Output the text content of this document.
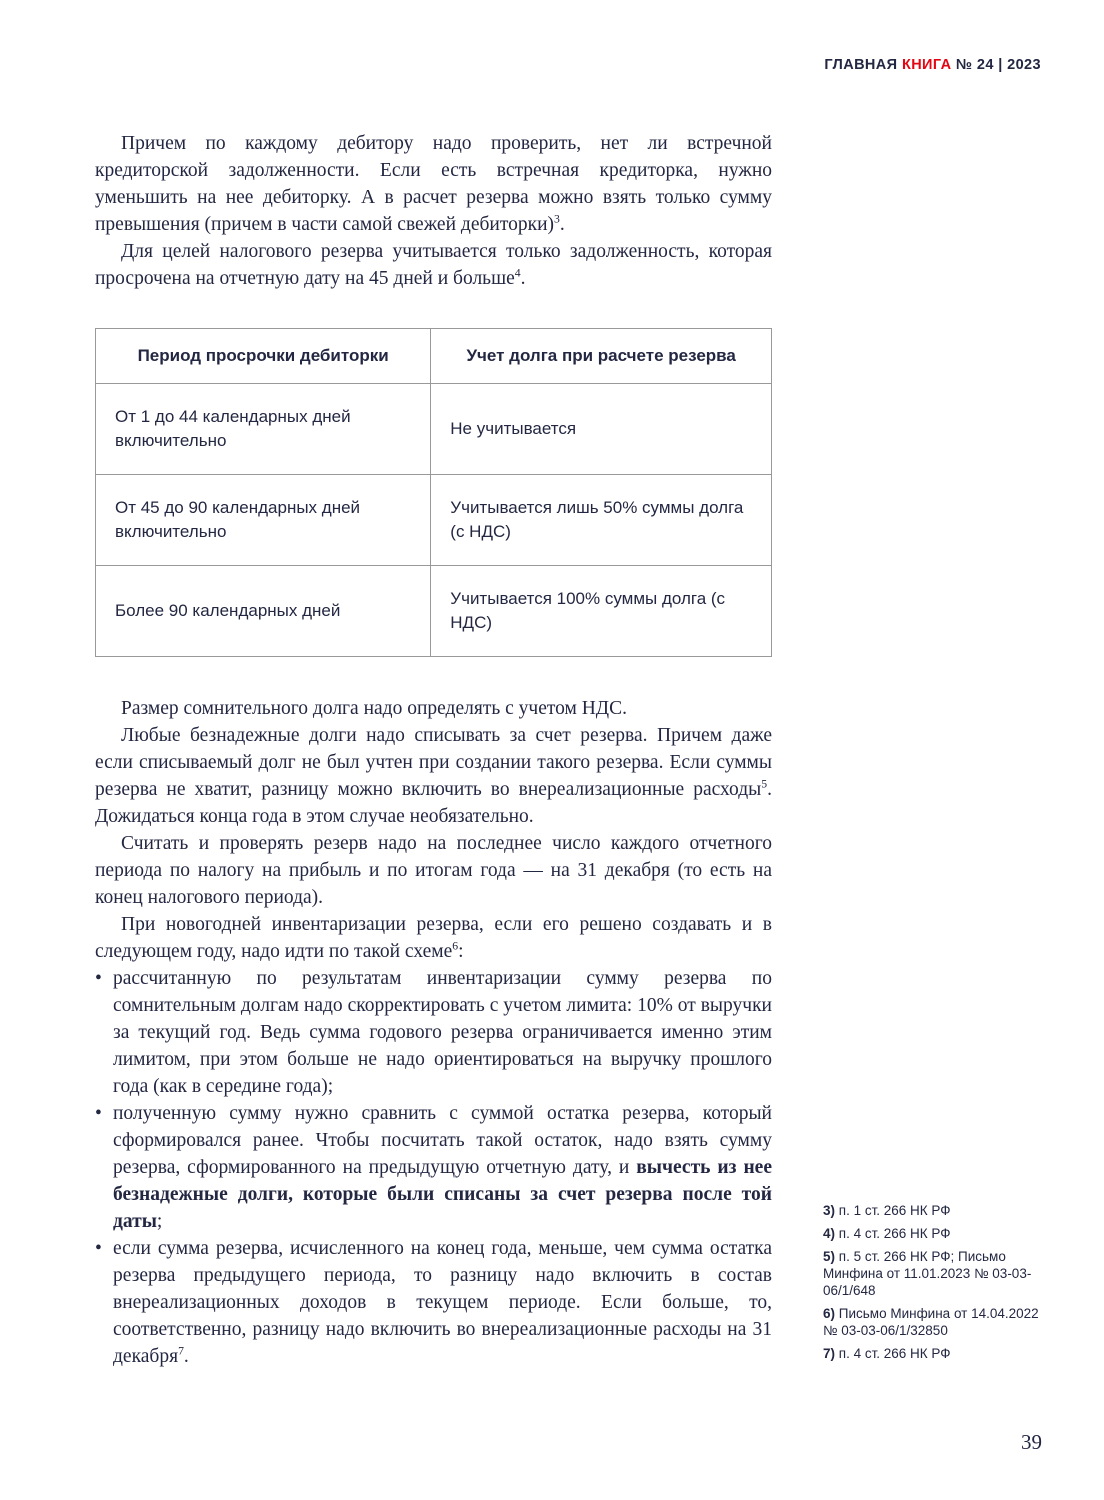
ГЛАВНАЯ КНИГА № 24 | 2023
Причем по каждому дебитору надо проверить, нет ли встречной кредиторской задолженности. Если есть встречная кредиторка, нужно уменьшить на нее дебиторку. А в расчет резерва можно взять только сумму превышения (причем в части самой свежей дебиторки)$^3$.
Для целей налогового резерва учитывается только задолженность, которая просрочена на отчетную дату на 45 дней и больше$^4$.
Период просрочки дебиторки	Учет долга при расчете резерва
От 1 до 44 календарных дней включительно	Не учитывается
От 45 до 90 календарных дней включительно	Учитывается лишь 50% суммы долга (с НДС)
Более 90 календарных дней	Учитывается 100% суммы долга (с НДС)
Размер сомнительного долга надо определять с учетом НДС.
Любые безнадежные долги надо списывать за счет резерва. Причем даже если списываемый долг не был учтен при создании такого резерва. Если суммы резерва не хватит, разницу можно включить во внереализационные расходы$^5$. Дожидаться конца года в этом случае необязательно.
Считать и проверять резерв надо на последнее число каждого отчетного периода по налогу на прибыль и по итогам года — на 31 декабря (то есть на конец налогового периода).
При новогодней инвентаризации резерва, если его решено создавать и в следующем году, надо идти по такой схеме$^6$:
• рассчитанную по результатам инвентаризации сумму резерва по сомнительным долгам надо скорректировать с учетом лимита: 10% от выручки за текущий год. Ведь сумма годового резерва ограничивается именно этим лимитом, при этом больше не надо ориентироваться на выручку прошлого года (как в середине года);
• полученную сумму нужно сравнить с суммой остатка резерва, который сформировался ранее. Чтобы посчитать такой остаток, надо взять сумму резерва, сформированного на предыдущую отчетную дату, и вычесть из нее безнадежные долги, которые были списаны за счет резерва после той даты;
• если сумма резерва, исчисленного на конец года, меньше, чем сумма остатка резерва предыдущего периода, то разницу надо включить в состав внереализационных доходов в текущем периоде. Если больше, то, соответственно, разницу надо включить во внереализационные расходы на 31 декабря$^7$.
3) п. 1 ст. 266 НК РФ
4) п. 4 ст. 266 НК РФ
5) п. 5 ст. 266 НК РФ; Письмо Минфина от 11.01.2023 № 03-03-06/1/648
6) Письмо Минфина от 14.04.2022 № 03-03-06/1/32850
7) п. 4 ст. 266 НК РФ
39
